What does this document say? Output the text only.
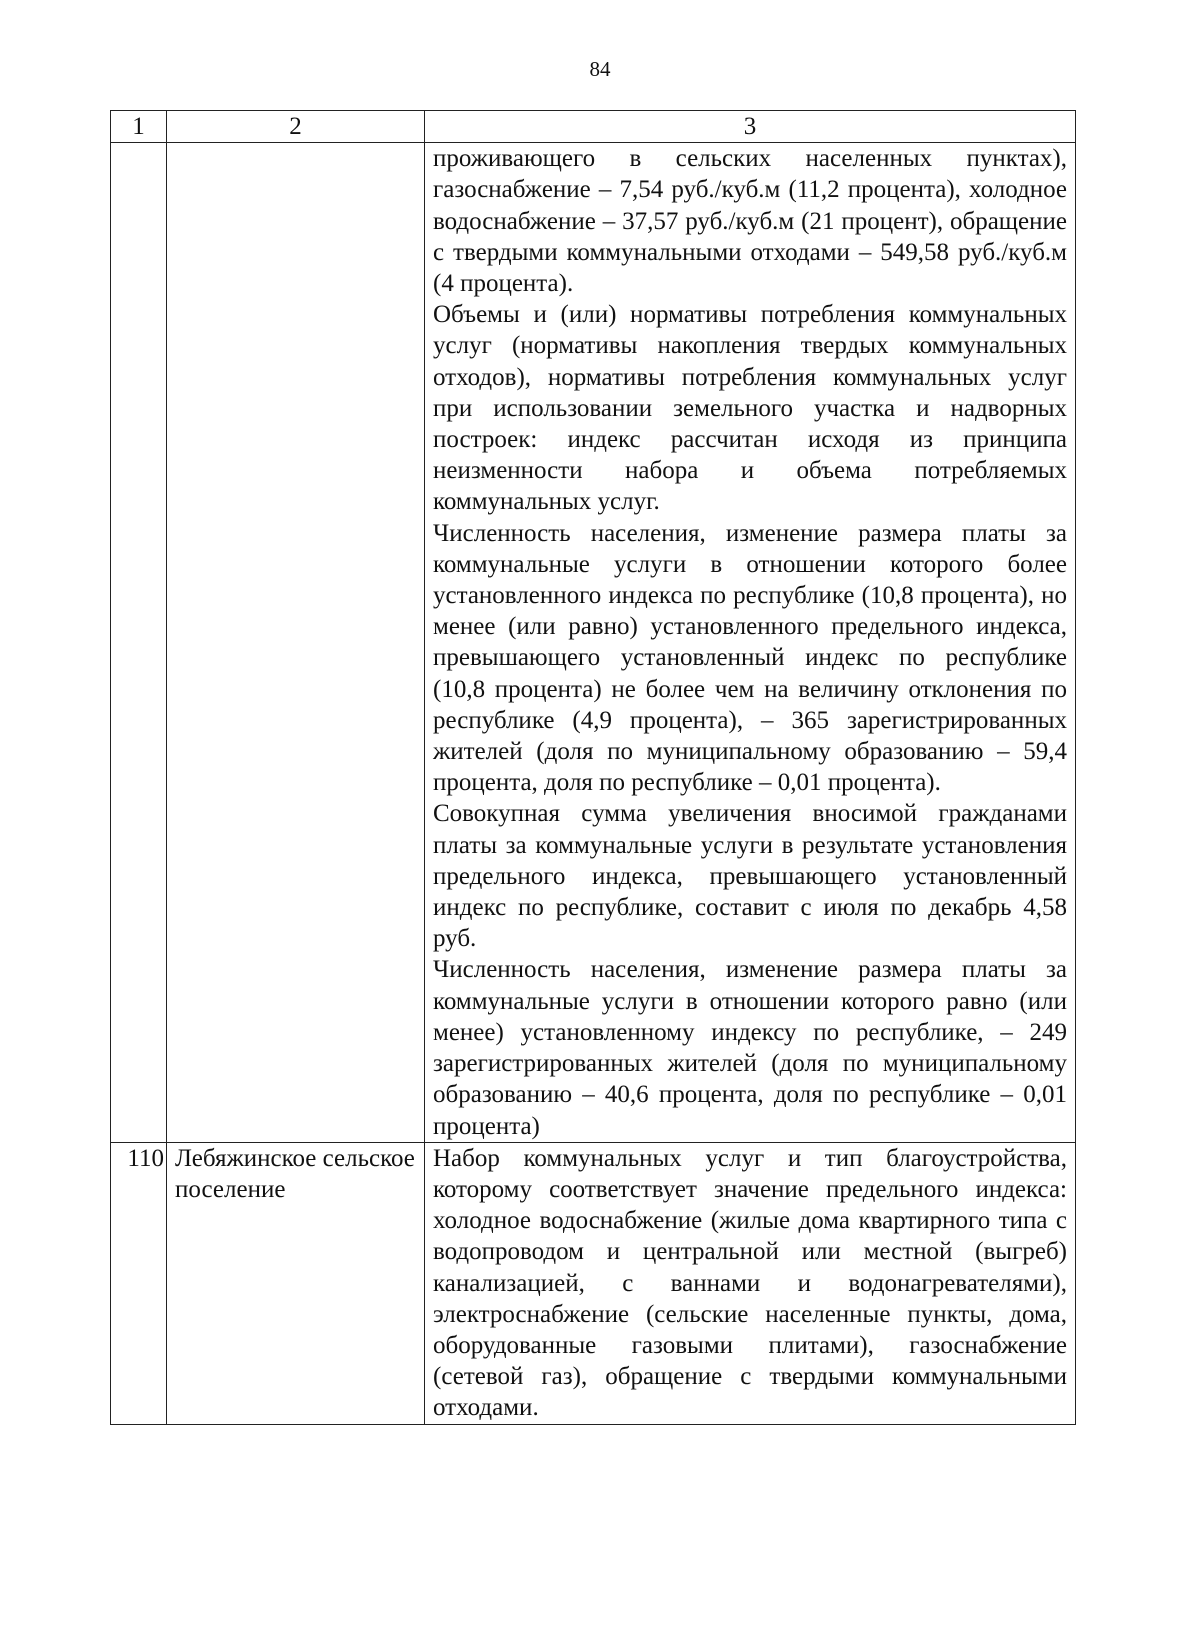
84
1	2	3

		проживающего в сельских населенных пунктах), газоснабжение – 7,54 руб./куб.м (11,2 процента), холодное водоснабжение – 37,57 руб./куб.м (21 процент), обращение с твердыми коммунальными отходами – 549,58 руб./куб.м (4 процента).
Объемы и (или) нормативы потребления коммунальных услуг (нормативы накопления твердых коммунальных отходов), нормативы потребления коммунальных услуг при использовании земельного участка и надворных построек: индекс рассчитан исходя из принципа неизменности набора и объема потребляемых коммунальных услуг.
Численность населения, изменение размера платы за коммунальные услуги в отношении которого более установленного индекса по республике (10,8 процента), но менее (или равно) установленного предельного индекса, превышающего установленный индекс по республике (10,8 процента) не более чем на величину отклонения по республике (4,9 процента), – 365 зарегистрированных жителей (доля по муниципальному образованию – 59,4 процента, доля по республике – 0,01 процента).
Совокупная сумма увеличения вносимой гражданами платы за коммунальные услуги в результате установления предельного индекса, превышающего установленный индекс по республике, составит с июля по декабрь 4,58 руб.
Численность населения, изменение размера платы за коммунальные услуги в отношении которого равно (или менее) установленному индексу по республике, – 249 зарегистрированных жителей (доля по муниципальному образованию – 40,6 процента, доля по республике – 0,01 процента)

110	Лебяжинское сельское поселение	Набор коммунальных услуг и тип благоустройства, которому соответствует значение предельного индекса: холодное водоснабжение (жилые дома квартирного типа с водопроводом и центральной или местной (выгреб) канализацией, с ваннами и водонагревателями), электроснабжение (сельские населенные пункты, дома, оборудованные газовыми плитами), газоснабжение (сетевой газ), обращение с твердыми коммунальными отходами.
